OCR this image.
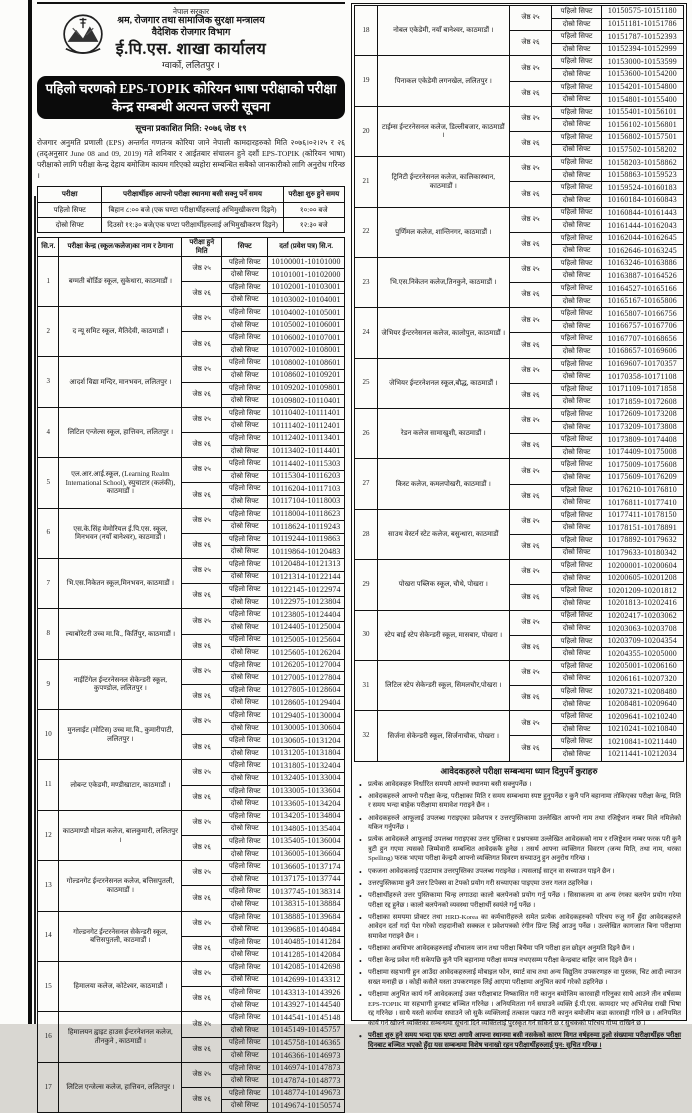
नेपाल सरकार
श्रम, रोजगार तथा सामाजिक सुरक्षा मन्त्रालय
वैदेशिक रोजगार विभाग
ई.पि.एस. शाखा कार्यालय
ग्वार्को, ललितपुर ।
पहिलो चरणको EPS-TOPIK कोरियन भाषा परीक्षाको परीक्षा केन्द्र सम्बन्धी अत्यन्त जरुरी सूचना
सूचना प्रकाशित मिति: २०७६ जेष्ठ १९
रोजगार अनुमति प्रणाली (EPS) अन्तर्गत गणतन्त्र कोरिया जाने नेपाली कामदारहरुको मिति २०७६।०२।२५ र २६ (तद्अनुसार June 08 and 09, 2019) गते शनिबार र आईतबार संचालन हुने दशौं EPS-TOPIK (कोरियन भाषा) परीक्षाको लागि परीक्षा केन्द्र देहाय बमोजिम कायम गरिएको व्यहोरा सम्बन्धित सबैको जानकारीको लागि अनुरोध गरिन्छ ।
परीक्षा	परीक्षार्थीहरु आफ्नो परीक्षा स्थानमा बसी सक्नु पर्ने समय	परीक्षा शुरु हुने समय
पहिलो सिफ्ट	बिहान ८:०० बजे (एक घण्टा परीक्षार्थीहरुलाई अभिमुखीकरण दिइने)	१०:०० बजे
दोस्रो सिफ्ट	दिउसो ११:३० बजे(एक घण्टा परीक्षार्थीहरुलाई अभिमुखीकरण दिइने)	१२:३० बजे
सि.न.	परीक्षा केन्द्र (स्कूल/कलेज)का नाम र ठेगाना	परीक्षा हुने मिति	सिफ्ट	दर्ता (प्रवेश पत्र) सि.न.
1	बग्मती बोर्डिङ स्कूल, सुकेधारा, काठमाडौं ।	जेष्ठ २५	पहिलो सिफ्ट	10100001-10101000
			दोस्रो सिफ्ट	10101001-10102000
		जेष्ठ २६	पहिलो सिफ्ट	10102001-10103001
			दोस्रो सिफ्ट	10103002-10104001
2	द न्यू समिट स्कूल, मैतिदेवी, काठमाडौं ।	जेष्ठ २५	पहिलो सिफ्ट	10104002-10105001
			दोस्रो सिफ्ट	10105002-10106001
		जेष्ठ २६	पहिलो सिफ्ट	10106002-10107001
			दोस्रो सिफ्ट	10107002-10108001
3	आदर्श विद्या मन्दिर, मानभवन, ललितपुर ।	जेष्ठ २५	पहिलो सिफ्ट	10108002-10108601
			दोस्रो सिफ्ट	10108602-10109201
		जेष्ठ २६	पहिलो सिफ्ट	10109202-10109801
			दोस्रो सिफ्ट	10109802-10110401
4	लिटिल एन्जेल्स स्कूल, हात्तिवन, ललितपुर ।	जेष्ठ २५	पहिलो सिफ्ट	10110402-10111401
			दोस्रो सिफ्ट	10111402-10112401
		जेष्ठ २६	पहिलो सिफ्ट	10112402-10113401
			दोस्रो सिफ्ट	10113402-10114401
5	एल.आर.आई.स्कूल, (Learning Realm International School), स्युचाटार (कलंकी), काठमाडौं ।	जेष्ठ २५	पहिलो सिफ्ट	10114402-10115303
			दोस्रो सिफ्ट	10115304-10116203
		जेष्ठ २६	पहिलो सिफ्ट	10116204-10117103
			दोस्रो सिफ्ट	10117104-10118003
6	एस.के.सिंह मेमोरियल ई.पि.एस. स्कूल, मिनभवन (नयाँ बानेश्वर), काठमाडौं ।	जेष्ठ २५	पहिलो सिफ्ट	10118004-10118623
			दोस्रो सिफ्ट	10118624-10119243
		जेष्ठ २६	पहिलो सिफ्ट	10119244-10119863
			दोस्रो सिफ्ट	10119864-10120483
7	भि.एस.निकेतन स्कूल,मिनभवन, काठमाडौं ।	जेष्ठ २५	पहिलो सिफ्ट	10120484-10121313
			दोस्रो सिफ्ट	10121314-10122144
		जेष्ठ २६	पहिलो सिफ्ट	10122145-10122974
			दोस्रो सिफ्ट	10122975-10123804
8	ल्याबोरेटरी उच्च मा.वि., किर्तिपुर, काठमाडौं ।	जेष्ठ २५	पहिलो सिफ्ट	10123805-10124404
			दोस्रो सिफ्ट	10124405-10125004
		जेष्ठ २६	पहिलो सिफ्ट	10125005-10125604
			दोस्रो सिफ्ट	10125605-10126204
9	नाईटिंगेल ईन्टरनेसनल सेकेन्डरी स्कूल, कुपण्डोल, ललितपुर ।	जेष्ठ २५	पहिलो सिफ्ट	10126205-10127004
			दोस्रो सिफ्ट	10127005-10127804
		जेष्ठ २६	पहिलो सिफ्ट	10127805-10128604
			दोस्रो सिफ्ट	10128605-10129404
10	मुनलाईट (मोटिस) उच्च मा.वि., कुमारीपाटी, ललितपुर ।	जेष्ठ २५	पहिलो सिफ्ट	10129405-10130004
			दोस्रो सिफ्ट	10130005-10130604
		जेष्ठ २६	पहिलो सिफ्ट	10130605-10131204
			दोस्रो सिफ्ट	10131205-10131804
11	लोबन्ट एकेडमी, मण्डीखाटार, काठमाडौं ।	जेष्ठ २५	पहिलो सिफ्ट	10131805-10132404
			दोस्रो सिफ्ट	10132405-10133004
		जेष्ठ २६	पहिलो सिफ्ट	10133005-10133604
			दोस्रो सिफ्ट	10133605-10134204
12	काठमाण्डौ मोडल कलेज, बालकुमारी, ललितपुर ।	जेष्ठ २५	पहिलो सिफ्ट	10134205-10134804
			दोस्रो सिफ्ट	10134805-10135404
		जेष्ठ २६	पहिलो सिफ्ट	10135405-10136004
			दोस्रो सिफ्ट	10136005-10136604
13	गोल्डनगेट ईन्टरनेसनल कलेज, बत्तिसपुतली, काठमाडौं ।	जेष्ठ २५	पहिलो सिफ्ट	10136605-10137174
			दोस्रो सिफ्ट	10137175-10137744
		जेष्ठ २६	पहिलो सिफ्ट	10137745-10138314
			दोस्रो सिफ्ट	10138315-10138884
14	गोल्डनगेट ईन्टरनेसनल सेकेन्डरी स्कूल, बत्तिसपुतली, काठमाडौं ।	जेष्ठ २५	पहिलो सिफ्ट	10138885-10139684
			दोस्रो सिफ्ट	10139685-10140484
		जेष्ठ २६	पहिलो सिफ्ट	10140485-10141284
			दोस्रो सिफ्ट	10141285-10142084
15	हिमालया कलेज, कोटेश्वर, काठमाडौं ।	जेष्ठ २५	पहिलो सिफ्ट	10142085-10142698
			दोस्रो सिफ्ट	10142699-10143312
		जेष्ठ २६	पहिलो सिफ्ट	10143313-10143926
			दोस्रो सिफ्ट	10143927-10144540
16	हिमालयन ह्वाइट हाउस ईन्टरनेशनल कलेज, तीनकुने , काठमाडौं ।	जेष्ठ २५	पहिलो सिफ्ट	10144541-10145148
			दोस्रो सिफ्ट	10145149-10145757
		जेष्ठ २६	पहिलो सिफ्ट	10145758-10146365
			दोस्रो सिफ्ट	10146366-10146973
17	लिटिल एन्जेल्स कलेज, हात्तिवन, ललितपुर ।	जेष्ठ २५	पहिलो सिफ्ट	10146974-10147873
			दोस्रो सिफ्ट	10147874-10148773
		जेष्ठ २६	पहिलो सिफ्ट	10148774-10149673
			दोस्रो सिफ्ट	10149674-10150574
18	नोबल एकेडेमी, नयाँ बानेश्वर, काठमाडौं ।	जेष्ठ २५	पहिलो सिफ्ट	10150575-10151180
			दोस्रो सिफ्ट	10151181-10151786
		जेष्ठ २६	पहिलो सिफ्ट	10151787-10152393
			दोस्रो सिफ्ट	10152394-10152999
19	पिनाकल एकेडेमी लगनखेल, ललितपुर ।	जेष्ठ २५	पहिलो सिफ्ट	10153000-10153599
			दोस्रो सिफ्ट	10153600-10154200
		जेष्ठ २६	पहिलो सिफ्ट	10154201-10154800
			दोस्रो सिफ्ट	10154801-10155400
20	टाईम्स ईन्टरनेसनल कलेज, डिल्लीबजार, काठमाडौं ।	जेष्ठ २५	पहिलो सिफ्ट	10155401-10156101
			दोस्रो सिफ्ट	10156102-10156801
		जेष्ठ २६	पहिलो सिफ्ट	10156802-10157501
			दोस्रो सिफ्ट	10157502-10158202
21	ट्रिनिटी ईन्टरनेसनल कलेज, कालिकास्थान, काठमाडौं ।	जेष्ठ २५	पहिलो सिफ्ट	10158203-10158862
			दोस्रो सिफ्ट	10158863-10159523
		जेष्ठ २६	पहिलो सिफ्ट	10159524-10160183
			दोस्रो सिफ्ट	10160184-10160843
22	पुर्णिमल कलेज, शान्तिनगर, काठमाडौं ।	जेष्ठ २५	पहिलो सिफ्ट	10160844-10161443
			दोस्रो सिफ्ट	10161444-10162043
		जेष्ठ २६	पहिलो सिफ्ट	10162044-10162645
			दोस्रो सिफ्ट	10162646-10163245
23	भि.एस.निकेतन कलेज,तिनकुने, काठमाडौं ।	जेष्ठ २५	पहिलो सिफ्ट	10163246-10163886
			दोस्रो सिफ्ट	10163887-10164526
		जेष्ठ २६	पहिलो सिफ्ट	10164527-10165166
			दोस्रो सिफ्ट	10165167-10165806
24	जेभियर ईन्टरनेसनल कलेज, कालोपुल, काठमाडौं ।	जेष्ठ २५	पहिलो सिफ्ट	10165807-10166756
			दोस्रो सिफ्ट	10166757-10167706
		जेष्ठ २६	पहिलो सिफ्ट	10167707-10168656
			दोस्रो सिफ्ट	10168657-10169606
25	जेभियर ईन्टरनेशनल स्कूल,बौद्ध, काठमाडौं ।	जेष्ठ २५	पहिलो सिफ्ट	10169607-10170357
			दोस्रो सिफ्ट	10170358-10171108
		जेष्ठ २६	पहिलो सिफ्ट	10171109-10171858
			दोस्रो सिफ्ट	10171859-10172608
26	रेडन कलेज सामाखुशी, काठमाडौं ।	जेष्ठ २५	पहिलो सिफ्ट	10172609-10173208
			दोस्रो सिफ्ट	10173209-10173808
		जेष्ठ २६	पहिलो सिफ्ट	10173809-10174408
			दोस्रो सिफ्ट	10174409-10175008
27	किस्ट कलेज, कमलपोखरी, काठमाडौं ।	जेष्ठ २५	पहिलो सिफ्ट	10175009-10175608
			दोस्रो सिफ्ट	10175609-10176209
		जेष्ठ २६	पहिलो सिफ्ट	10176210-10176810
			दोस्रो सिफ्ट	10176811-10177410
28	साउथ वेस्टर्न स्टेट कलेज, बसुन्धारा, काठमाडौं	जेष्ठ २५	पहिलो सिफ्ट	10177411-10178150
			दोस्रो सिफ्ट	10178151-10178891
		जेष्ठ २६	पहिलो सिफ्ट	10178892-10179632
			दोस्रो सिफ्ट	10179633-10180342
29	पोखरा पब्लिक स्कूल, चौथे, पोखरा ।	जेष्ठ २५	पहिलो सिफ्ट	10200001-10200604
			दोस्रो सिफ्ट	10200605-10201208
		जेष्ठ २६	पहिलो सिफ्ट	10201209-10201812
			दोस्रो सिफ्ट	10201813-10202416
30	स्टेप बाई स्टेप सेकेन्डरी स्कूल, मासबार, पोखरा ।	जेष्ठ २५	पहिलो सिफ्ट	10202417-10203062
			दोस्रो सिफ्ट	10203063-10203708
		जेष्ठ २६	पहिलो सिफ्ट	10203709-10204354
			दोस्रो सिफ्ट	10204355-10205000
31	लिटिल स्टेप सेकेन्डरी स्कूल, सिमलचौर,पोखरा ।	जेष्ठ २५	पहिलो सिफ्ट	10205001-10206160
			दोस्रो सिफ्ट	10206161-10207320
		जेष्ठ २६	पहिलो सिफ्ट	10207321-10208480
			दोस्रो सिफ्ट	10208481-10209640
32	सिर्जना सेकेन्डरी स्कूल, सिर्जनाचौक, पोखरा ।	जेष्ठ २५	पहिलो सिफ्ट	10209641-10210240
			दोस्रो सिफ्ट	10210241-10210840
		जेष्ठ २६	पहिलो सिफ्ट	10210841-10211440
			दोस्रो सिफ्ट	10211441-10212034
आवेदकहरुले परीक्षा सम्बन्धमा ध्यान दिनुपर्ने कुराहरु
• प्रत्येक आवेदकहरु निर्धारित समयमै आफ्नो स्थानमा बसी सक्नुपर्नेछ ।
• आवेदकहरुले आफ्नो परीक्षा केन्द्र, परीक्षाका मिति र समय सम्बन्धमा स्पष्ट हुनुपर्नेछ र कुनै पनि बहानामा तोकिएका परीक्षा केन्द्र, मिति र समय भन्दा बाहेक परीक्षामा समावेश गराइने छैन ।
• आवेदकहरुले आफूलाई उपलब्ध गराइएका प्रवेशपत्र र उत्तरपुस्तिकामा उल्लेखित आफ्नो नाम तथा रजिष्ट्रेशन नम्बर मिले नमिलेको यकिन गर्नुपर्नेछ ।
• प्रत्येक आवेदकले आफूलाई उपलब्ध गराइएका उत्तर पुस्तिका र प्रश्नपत्रमा उल्लेखित आवेदकको नाम र रजिष्ट्रेशन नम्बर फरक परी कुनै त्रुटी हुन गएमा त्यसको जिम्मेवारी सम्बन्धित आवेदककै हुनेछ । तसर्थ आफ्ना व्यक्तिगत विवरण (जन्म मिति, तथा नाम, थरका Spelling) फरक भएमा परीक्षा केन्द्रमै आफ्नो व्यक्तिगत विवरण सच्याउनु हुन अनुरोध गरिन्छ ।
• एकजना आवेदकलाई एउटामात्र उत्तरपुस्तिका उपलब्ध गराइनेछ । त्यसलाई साट्न वा सच्याउन पाइने छैन ।
• उत्तरपुस्तिकामा कुनै उत्तर टिपेक्स वा टेपको प्रयोग गरी सच्याएका पाइएमा उत्तर गलत ठहरिनेछ ।
• परीक्षार्थीहरुले उत्तर पुस्तिकामा चिन्ह लगाउदा कालो बलपेनको प्रयोग गर्नु पर्नेछ । सिसाकलम वा अन्य रंगका बलपेन प्रयोग गरेमा परीक्षा रद्द हुनेछ । कालो बलपेनको व्यवस्था परीक्षार्थी स्वयंले गर्नु पर्नेछ ।
• परीक्षाका समयमा प्रोक्टर तथा HRD-Korea का कर्मचारीहरुले समेत प्रत्येक आवेदकहरुको परिचय रुजु गर्ने हुँदा आवेदकहरुले आवेदन दर्ता गर्दा पेश गरेको राहदानीको सक्कल र प्रवेशपत्रको रंगीन प्रिन्ट लिई आउनु पर्नेछ । उल्लेखित कागजात बिना परीक्षामा समावेश गराइने छैन ।
• परीक्षाका अवधिभर आवेदकहरुलाई शौचालय जान तथा परीक्षा बिचैमा पनि परीक्षा हल छोड्न अनुमति दिइने छैन ।
• परीक्षा केन्द्र प्रवेश गरी सकेपछि कुनै पनि बहानामा परीक्षा सम्पन्न नभएसम्म परीक्षा केन्द्रबाट बाहिर जान दिइने छैन ।
• परीक्षामा सहभागी हुन आउँदा आवेदकहरुलाई मोबाइल फोन, स्मार्ट वाच तथा अन्य विद्युतिय उपकरणहरु वा पुस्तक, चिट आदी ल्याउन सख्त मनाही छ । कोही कसैले यस्ता उपकरणहरु लिई आएमा परीक्षामा अनुचित कार्य गरेको ठहरिनेछ ।
• परीक्षामा अनुचित कार्य गर्ने आवेदकलाई उक्त परीक्षाबाट निष्कासित गरी कानुन बमोजिम कारवाही गरिनुका साथै आउने तीन वर्षसम्म EPS-TOPIK मा सहभागी हुनबाट बञ्चित गरिनेछ । अनियमितता गर्न सघाउने व्यक्ति ई.पी.एस. कामदार भए अभिलेख राखी भिषा रद्द गरिनेछ । साथै यस्तो कार्यमा सघाउने जो सुकै व्यक्तिलाई तत्काल पक्राउ गरी कानुन बमोजीम कडा कारवाही गरिने छ । अनियमित कार्य गर्न खोज्ने व्यक्तिका सम्बन्धमा सूचना दिने व्यक्तिलाई पुरस्कृत गर्न सकिने छ र सुचकको परिचय गोप्य राखिने छ ।
• परीक्षा शुरु हुने समय भन्दा एक घण्टा अगावै आफ्ना स्थानमा बसी नसकेको कारण विगत वर्षहरुमा ठुलो संख्यामा परीक्षार्थीहरु परीक्षा दिनबाट बञ्चित भएको हुँदा यस सम्बन्धमा विशेष चनाखो रहन परीक्षार्थीहरुलाई पुन: सूचित गरिन्छ ।
